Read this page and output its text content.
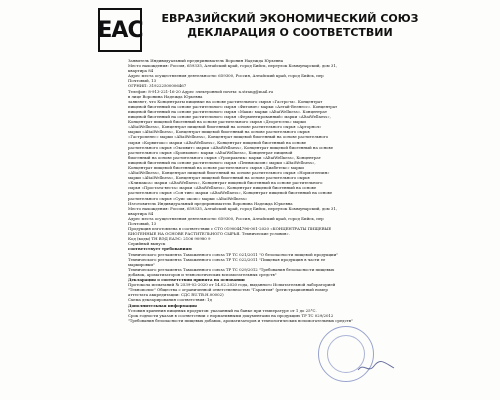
EAC ЕВРАЗИЙСКИЙ ЭКОНОМИЧЕСКИЙ СОЮЗ
ДЕКЛАРАЦИЯ О СООТВЕТСТВИИ

Заявитель Индивидуальный предприниматель Воронин Надежда Юрьевна

Место нахождения: Россия, 659335, Алтайский край, город Бийск, переулок Коммунарский, дом 31,

квартира 84

Адрес места осуществления деятельности: 659300, Россия, Алтайский край, город Бийск, пер

Почтовый, 13

ОГРНИП: 319222500006467

Телефон: 8-913-221-16-20 Адрес электронной почты: n.strang@mail.ru

в лице Воронина Надежда Юрьевна

заявляет, что Концентраты пищевые на основе растительного сырья «Гастро-м». Концентрат

пищевой биогенный на основе растительного сырья «Фитовит» марки «Алтай-Велнесс». Концентрат

пищевой биогенный на основе растительного сырья «Маки» марки «AltaiWellness». Концентрат

пищевой биогенный на основе растительного сырья «Ферментированный» марки «AltaiWellness»,

Концентрат пищевой биогенный на основе растительного сырья «Деоретсель» марки

«AltaiWellness», Концентрат пищевой биогенный на основе растительного сырья «Арторнол»

марки «AltaiWellness», Концентрат пищевой биогенный на основе растительного сырья

«Гастропенес» марки «AltaiWellness», Концентрат пищевой биогенный на основе растительного

сырья «Корвитокс» марки «AltaiWellness», Концентрат пищевой биогенный на основе

растительного сырья «Оксивит» марки «AltaiWellness», Концентрат пищевой биогенный на основе

растительного сырья «Бронховит» марки «AltaiWellness», Концентрат пищевой

биогенный на основе растительного сырья «Уропрактик» марки «AltaiWellness», Концентрат

пищевой биогенный на основе растительного сырья «Пневмоксин» марки «AltaiWellness»,

Концентрат пищевой биогенный на основе растительного сырья «Диабетекс» марки

«AltaiWellness», Концентрат пищевой биогенный на основе растительного сырья «Нормотензин»

марки «AltaiWellness», Концентрат пищевой биогенный на основе растительного сырья

«Климакса» марки «AltaiWellness», Концентрат пищевой биогенный на основе растительного

сырья «Простата-веста» марки «AltaiWellness», Концентрат пищевой биогенный на основе

растительного сырья «Сон тин» марки «AltaiWellness», Концентрат пищевой биогенный на основе

растительного сырья «Суис оксис» марки «AltaiWellness»

Изготовитель Индивидуальный предприниматель Воронина Надежда Юрьевна

Место нахождения: Россия, 659335, Алтайский край, город Бийск, переулок Коммунарский, дом 31,

квартира 84

Адрес места осуществления деятельности: 659300, Россия, Алтайский край, город Бийск, пер

Почтовый, 13

Продукция изготовлена в соответствии с СТО 0190044796-001-2020 «КОНЦЕНТРАТЫ ПИЩЕВЫЕ

БИОГЕННЫЕ НА ОСНОВЕ РАСТИТЕЛЬНОГО СЫРЬЯ. Технические условия».

Код (коды) ТН ВЭД ЕАЭС: 2106 90980 9

Серийный выпуск

соответствует требованиям

Технического регламента Таможенного союза ТР ТС 021/2011 "О безопасности пищевой продукции"

Технического регламента Таможенного союза ТР ТС 022/2011 "Пищевая продукция в части ее

маркировки"

Технического регламента Таможенного союза ТР ТС 029/2012 "Требования безопасности пищевых

добавок, ароматизаторов и технологических вспомогательных средств"

Декларация о соответствии принята на основании

Протокола испытаний № 2539-02-2020 от 14.02.2020 года, выданного Испытательной лабораторией

"Технополис" Общества с ограниченной ответственностью "Гарантия" (регистрационный номер

аттестата аккредитации: СДС RU.ТВ.Н.00002)

Схема декларирования соответствия: 1д

Дополнительная информация

Условия хранения пищевых продуктов: указанный на банке при температуре от 1 до 25°С.

Срок годности указан в соответствии с нормативными документами на продукцию ТР ТС 029/2012

"Требования безопасности пищевых добавок, ароматизаторов и технологических вспомогательных средств"
